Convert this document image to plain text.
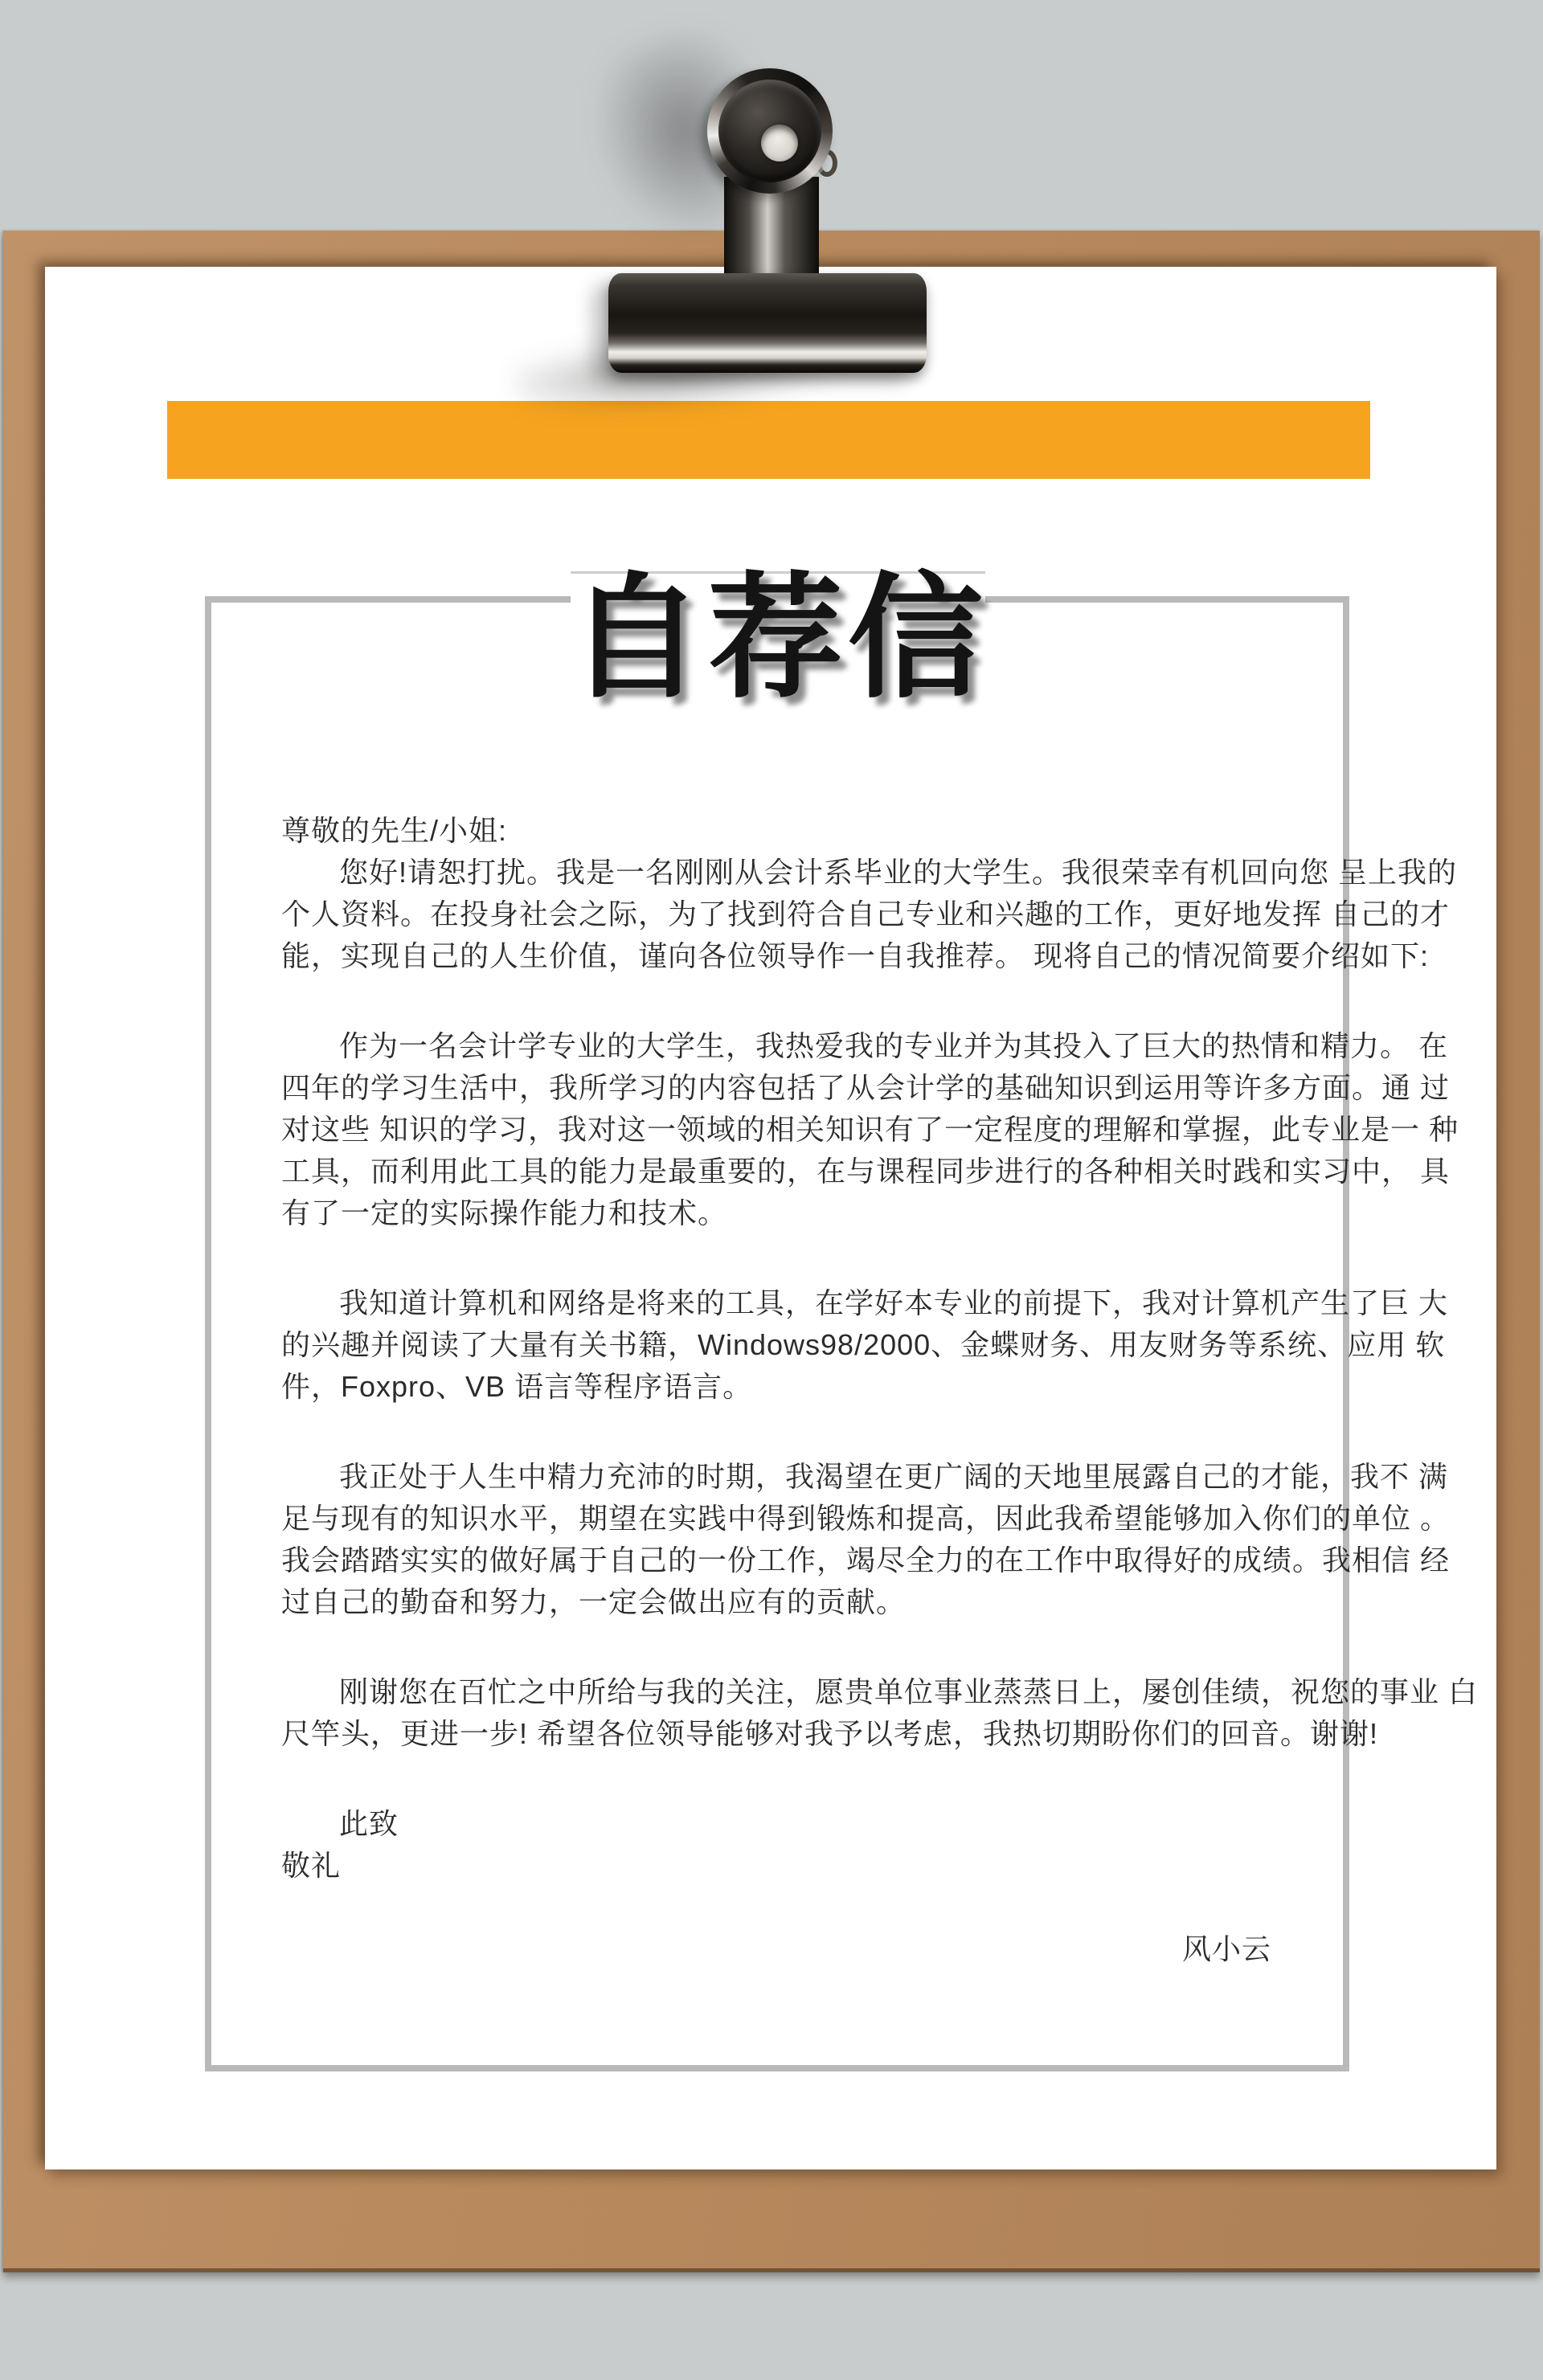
自荐信
尊敬的先生/小姐:
您好!请恕打扰。我是一名刚刚从会计系毕业的大学生。我很荣幸有机回向您 呈上我的
个人资料。在投身社会之际，为了找到符合自己专业和兴趣的工作，更好地发挥 自己的才
能，实现自己的人生价值，谨向各位领导作一自我推荐。 现将自己的情况简要介绍如下:
作为一名会计学专业的大学生，我热爱我的专业并为其投入了巨大的热情和精力。 在
四年的学习生活中，我所学习的内容包括了从会计学的基础知识到运用等许多方面。通 过
对这些 知识的学习，我对这一领域的相关知识有了一定程度的理解和掌握，此专业是一 种
工具，而利用此工具的能力是最重要的，在与课程同步进行的各种相关时践和实习中， 具
有了一定的实际操作能力和技术。
我知道计算机和网络是将来的工具，在学好本专业的前提下，我对计算机产生了巨 大
的兴趣并阅读了大量有关书籍，Windows98/2000、金蝶财务、用友财务等系统、应用 软
件，Foxpro、VB 语言等程序语言。
我正处于人生中精力充沛的时期，我渴望在更广阔的天地里展露自己的才能，我不 满
足与现有的知识水平，期望在实践中得到锻炼和提高，因此我希望能够加入你们的单位 。
我会踏踏实实的做好属于自己的一份工作，竭尽全力的在工作中取得好的成绩。我相信 经
过自己的勤奋和努力，一定会做出应有的贡献。
刚谢您在百忙之中所给与我的关注，愿贵单位事业蒸蒸日上，屡创佳绩，祝您的事业 白
尺竿头，更进一步! 希望各位领导能够对我予以考虑，我热切期盼你们的回音。谢谢!
此致
敬礼
风小云
